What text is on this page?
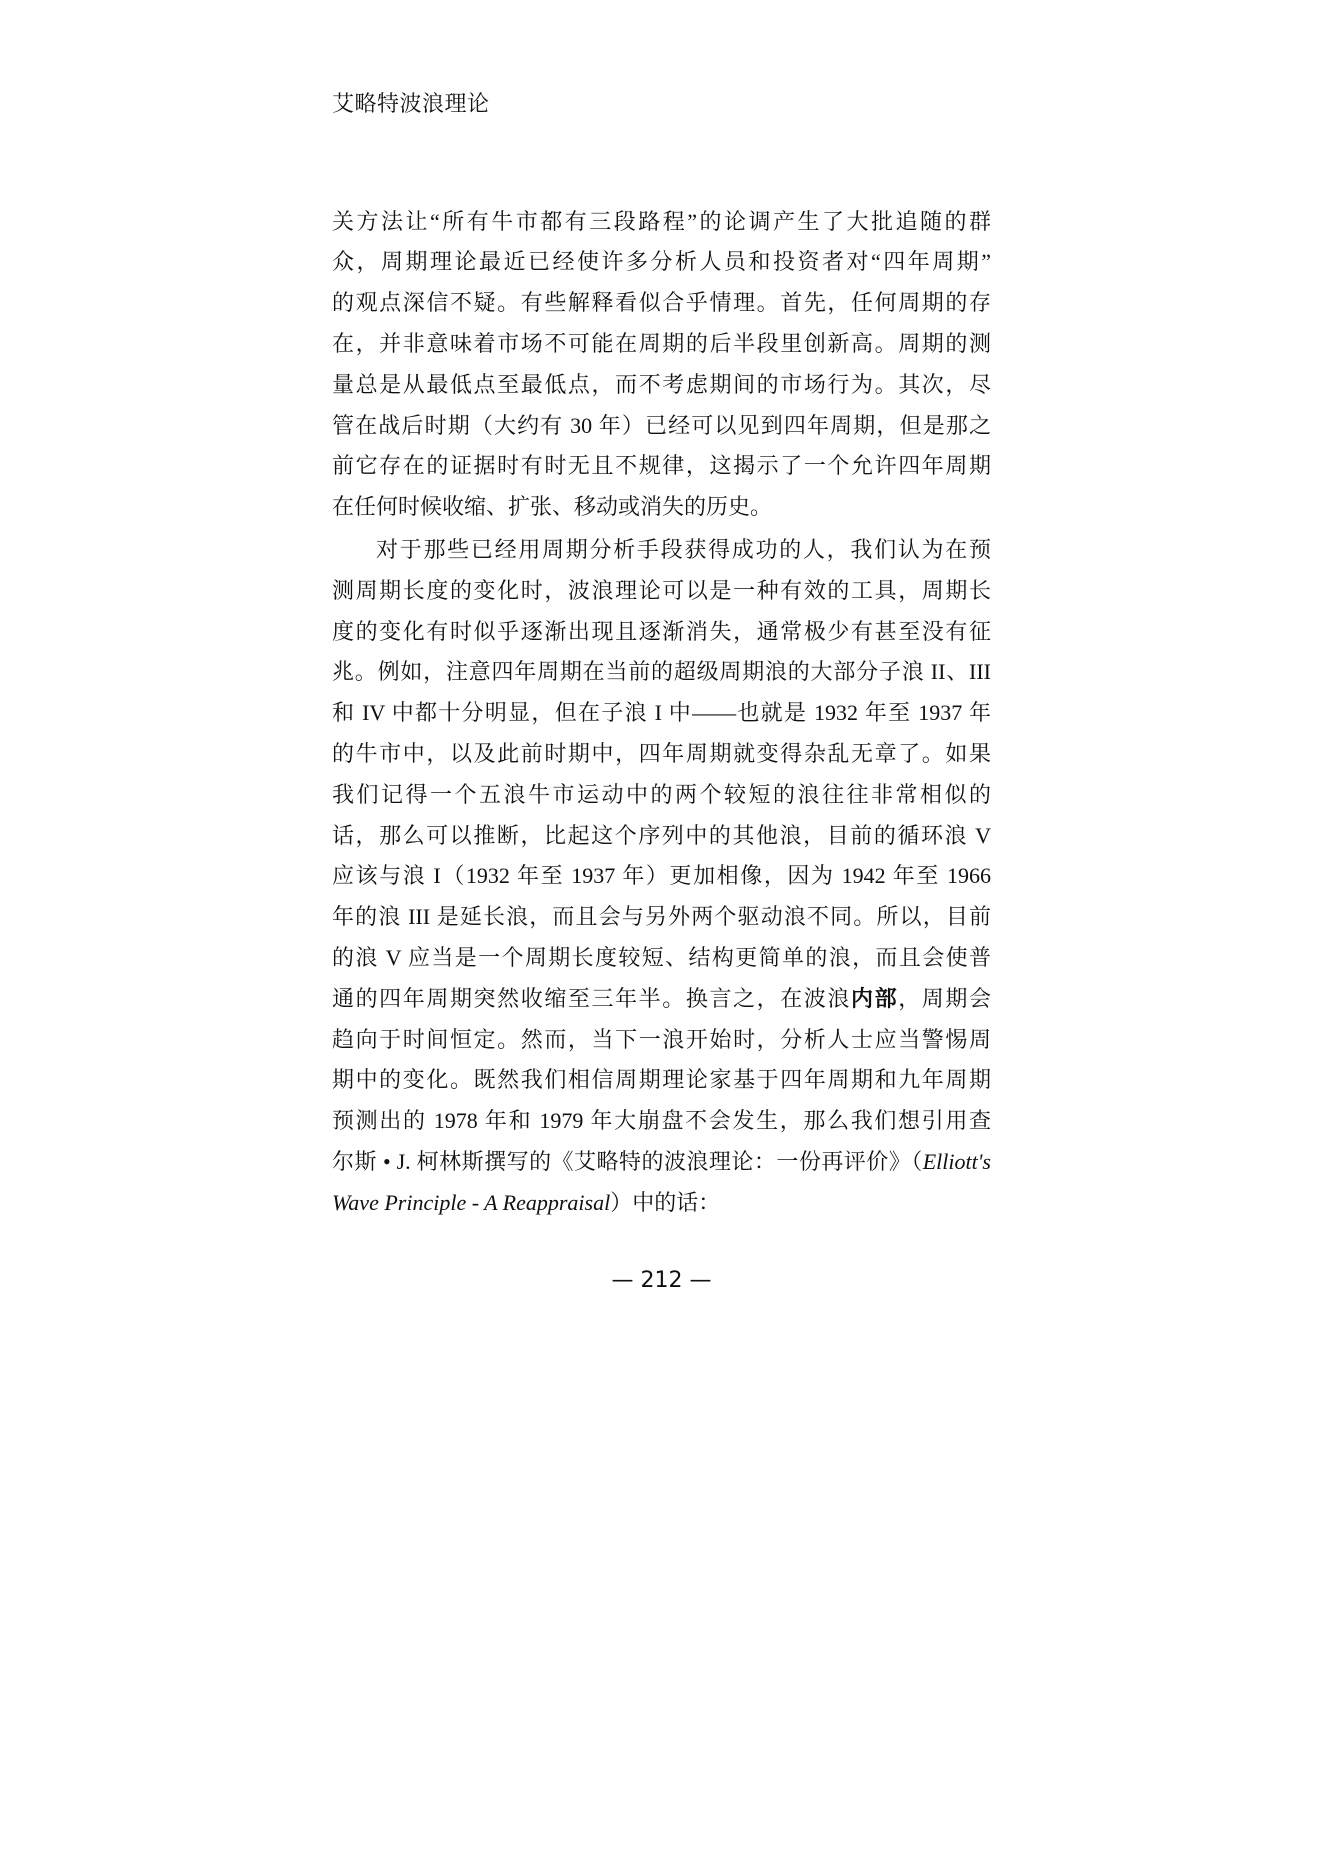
艾略特波浪理论
关方法让“所有牛市都有三段路程”的论调产生了大批追随的群
众，周期理论最近已经使许多分析人员和投资者对“四年周期”
的观点深信不疑。有些解释看似合乎情理。首先，任何周期的存
在，并非意味着市场不可能在周期的后半段里创新高。周期的测
量总是从最低点至最低点，而不考虑期间的市场行为。其次，尽
管在战后时期（大约有 30 年）已经可以见到四年周期，但是那之
前它存在的证据时有时无且不规律，这揭示了一个允许四年周期
在任何时候收缩、扩张、移动或消失的历史。
对于那些已经用周期分析手段获得成功的人，我们认为在预
测周期长度的变化时，波浪理论可以是一种有效的工具，周期长
度的变化有时似乎逐渐出现且逐渐消失，通常极少有甚至没有征
兆。例如，注意四年周期在当前的超级周期浪的大部分子浪 II、III
和 IV 中都十分明显，但在子浪 I 中——也就是 1932 年至 1937 年
的牛市中，以及此前时期中，四年周期就变得杂乱无章了。如果
我们记得一个五浪牛市运动中的两个较短的浪往往非常相似的
话，那么可以推断，比起这个序列中的其他浪，目前的循环浪 V
应该与浪 I（1932 年至 1937 年）更加相像，因为 1942 年至 1966
年的浪 III 是延长浪，而且会与另外两个驱动浪不同。所以，目前
的浪 V 应当是一个周期长度较短、结构更简单的浪，而且会使普
通的四年周期突然收缩至三年半。换言之，在波浪内部，周期会
趋向于时间恒定。然而，当下一浪开始时，分析人士应当警惕周
期中的变化。既然我们相信周期理论家基于四年周期和九年周期
预测出的 1978 年和 1979 年大崩盘不会发生，那么我们想引用查
尔斯 • J. 柯林斯撰写的《艾略特的波浪理论：一份再评价》（Elliott's
Wave Principle - A Reappraisal）中的话：
— 212 —
